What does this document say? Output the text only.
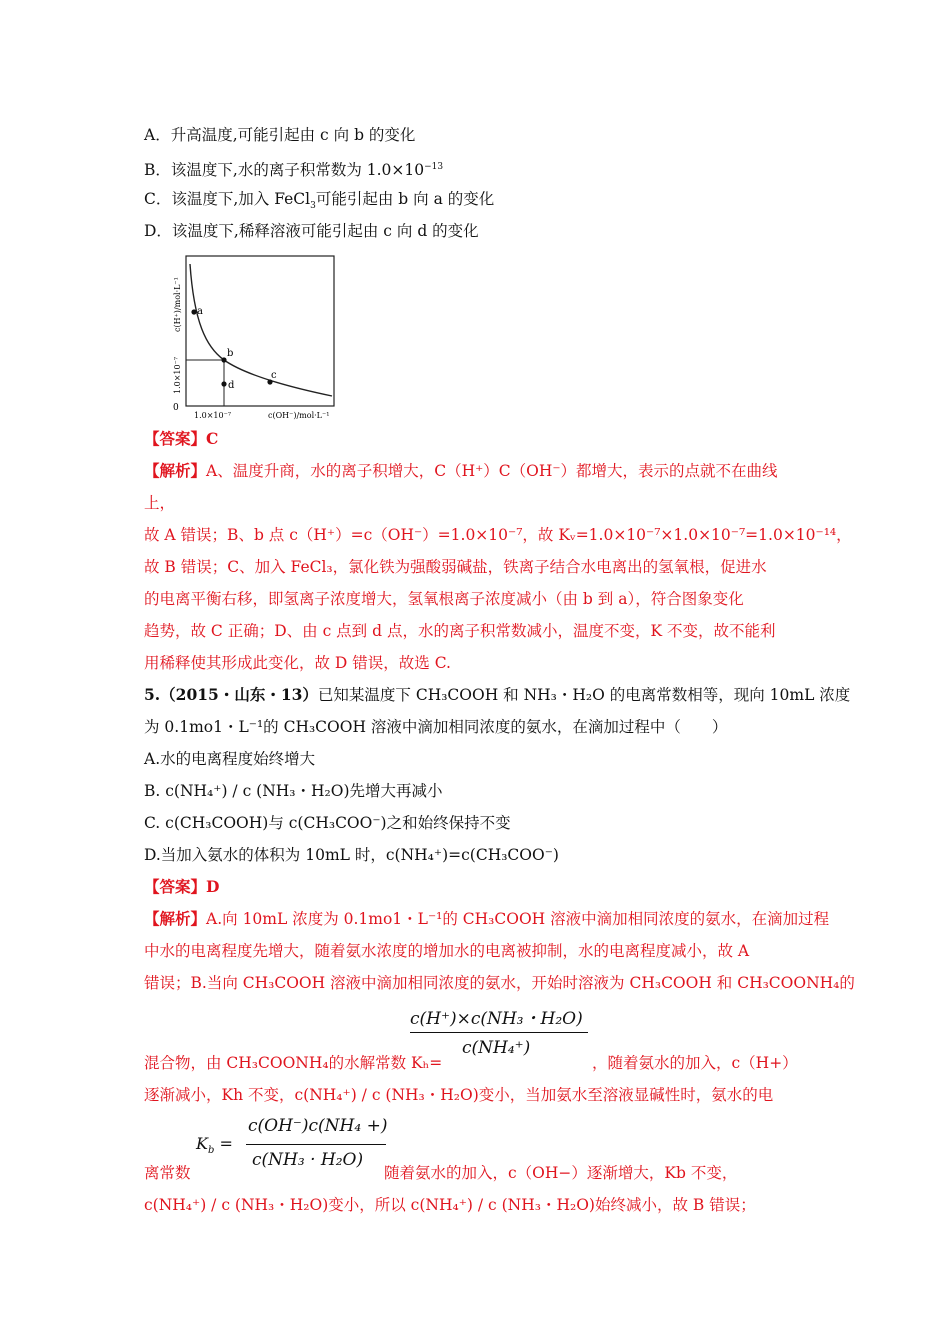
A．升高温度,可能引起由 c 向 b 的变化
B．该温度下,水的离子积常数为 $1.0\times 10^{-13}$
C．该温度下,加入 FeCl$_3$可能引起由 b 向 a 的变化
D．该温度下,稀释溶液可能引起由 c 向 d 的变化
a
b
c
d
0
1.0×10⁻⁷	c(OH⁻)/mol·L⁻¹
1.0×10⁻⁷
c(H⁺)/mol·L⁻¹
【答案】C
【解析】A、温度升商，水的离子积增大，C（H⁺）C（OH⁻）都增大，表示的点就不在曲线
上，
故 A 错误；B、b 点 c（H⁺）=c（OH⁻）=1.0×10⁻⁷，故 Kᵥ=1.0×10⁻⁷×1.0×10⁻⁷=1.0×10⁻¹⁴，
故 B 错误；C、加入 FeCl₃，氯化铁为强酸弱碱盐，铁离子结合水电离出的氢氧根，促进水
的电离平衡右移，即氢离子浓度增大，氢氧根离子浓度减小（由 b 到 a），符合图象变化
趋势，故 C 正确；D、由 c 点到 d 点，水的离子积常数减小，温度不变，K 不变，故不能利
用稀释使其形成此变化，故 D 错误，故选 C.
5.（2015・山东・13）已知某温度下 CH₃COOH 和 NH₃・H₂O 的电离常数相等，现向 10mL 浓度
为 0.1mo1・L⁻¹的 CH₃COOH 溶液中滴加相同浓度的氨水，在滴加过程中（　　）
A.水的电离程度始终增大
B. c(NH₄⁺) / c (NH₃・H₂O)先增大再减小
C. c(CH₃COOH)与 c(CH₃COO⁻)之和始终保持不变
D.当加入氨水的体积为 10mL 时，c(NH₄⁺)=c(CH₃COO⁻)
【答案】D
【解析】A.向 10mL 浓度为 0.1mo1・L⁻¹的 CH₃COOH 溶液中滴加相同浓度的氨水，在滴加过程
中水的电离程度先增大，随着氨水浓度的增加水的电离被抑制，水的电离程度减小，故 A
错误；B.当向 CH₃COOH 溶液中滴加相同浓度的氨水，开始时溶液为 CH₃COOH 和 CH₃COONH₄的
c(H⁺)×c(NH₃・H₂O)
c(NH₄⁺)
混合物，由 CH₃COONH₄的水解常数 Kₕ=	，随着氨水的加入，c（H+）
逐渐减小，Kh 不变，c(NH₄⁺) / c (NH₃・H₂O)变小，当加氨水至溶液显碱性时，氨水的电
$K_b$ =
c(OH⁻)c(NH₄ +)
c(NH₃ · H₂O)
离常数	随着氨水的加入，c（OH−）逐渐增大，Kb 不变，
c(NH₄⁺) / c (NH₃・H₂O)变小，所以 c(NH₄⁺) / c (NH₃・H₂O)始终减小，故 B 错误；
